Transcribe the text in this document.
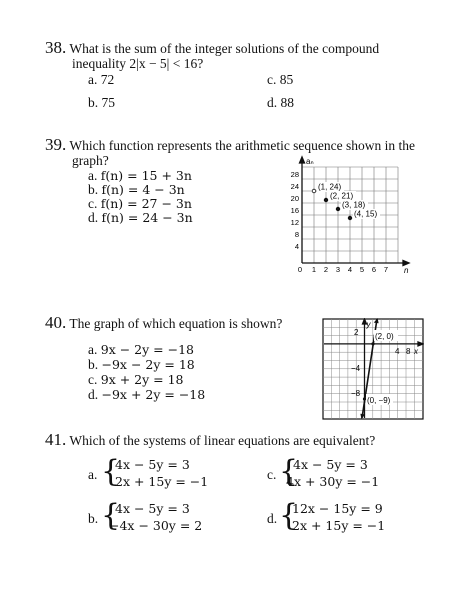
38. What is the sum of the integer solutions of the compound
inequality 2|x − 5| < 16?
a. 72	c. 85
b. 75	d. 88
39. Which function represents the arithmetic sequence shown in the
graph?
a. f(n) = 15 + 3n
b. f(n) = 4 − 3n
c. f(n) = 27 − 3n
d. f(n) = 24 − 3n
aₙ
n
28
24
20
16
12
8
4
0 1 2 3 4 5 6 7
(1, 24)
(2, 21)
(3, 18)
(4, 15)
40. The graph of which equation is shown?
a. 9x − 2y = −18
b. −9x − 2y = 18
c. 9x + 2y = 18
d. −9x + 2y = −18
(2, 0)
(0, −9)
y
x
2
−4
−8
4 8
41. Which of the systems of linear equations are equivalent?
a. {
4x − 5y = 3
2x + 15y = −1	c. {
4x − 5y = 3
4x + 30y = −1
b. {
4x − 5y = 3
−4x − 30y = 2	d. {
12x − 15y = 9
2x + 15y = −1
